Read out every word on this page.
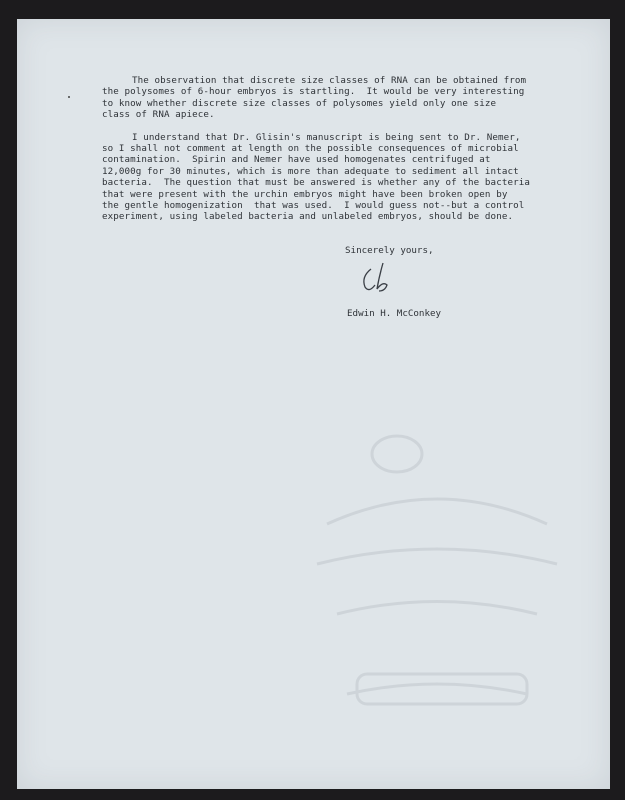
The observation that discrete size classes of RNA can be obtained from
the polysomes of 6-hour embryos is startling.  It would be very interesting
to know whether discrete size classes of polysomes yield only one size
class of RNA apiece.

I understand that Dr. Glisin's manuscript is being sent to Dr. Nemer,
so I shall not comment at length on the possible consequences of microbial
contamination.  Spirin and Nemer have used homogenates centrifuged at
12,000g for 30 minutes, which is more than adequate to sediment all intact
bacteria.  The question that must be answered is whether any of the bacteria
that were present with the urchin embryos might have been broken open by
the gentle homogenization  that was used.  I would guess not--but a control
experiment, using labeled bacteria and unlabeled embryos, should be done.

Sincerely yours,
Edwin H. McConkey
